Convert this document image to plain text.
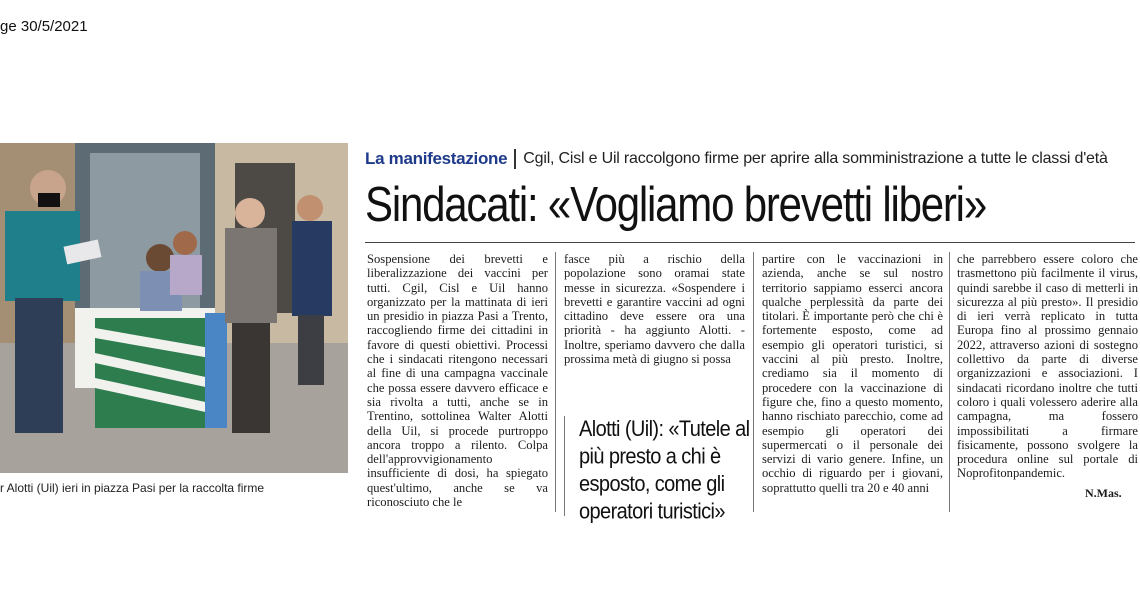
ge 30/5/2021
r Alotti (Uil) ieri in piazza Pasi per la raccolta firme
La manifestazione Cgil, Cisl e Uil raccolgono firme per aprire alla somministrazione a tutte le classi d'età
Sindacati: «Vogliamo brevetti liberi»
Sospensione dei brevetti e liberalizzazione dei vaccini per tutti. Cgil, Cisl e Uil hanno organizzato per la mattinata di ieri un presidio in piazza Pasi a Trento, raccogliendo firme dei cittadini in favore di questi obiettivi. Processi che i sindacati ritengono necessari al fine di una campagna vaccinale che possa essere davvero efficace e sia rivolta a tutti, anche se in Trentino, sottolinea Walter Alotti della Uil, si procede purtroppo ancora troppo a rilento. Colpa dell'approvvigionamento insufficiente di dosi, ha spiegato quest'ultimo, anche se va riconosciuto che le
fasce più a rischio della popolazione sono oramai state messe in sicurezza. «Sospendere i brevetti e garantire vaccini ad ogni cittadino deve essere ora una priorità - ha aggiunto Alotti. - Inoltre, speriamo davvero che dalla prossima metà di giugno si possa
partire con le vaccinazioni in azienda, anche se sul nostro territorio sappiamo esserci ancora qualche perplessità da parte dei titolari. È importante però che chi è fortemente esposto, come ad esempio gli operatori turistici, si vaccini al più presto. Inoltre, crediamo sia il momento di procedere con la vaccinazione di figure che, fino a questo momento, hanno rischiato parecchio, come ad esempio gli operatori dei supermercati o il personale dei servizi di vario genere. Infine, un occhio di riguardo per i giovani, soprattutto quelli tra 20 e 40 anni
che parrebbero essere coloro che trasmettono più facilmente il virus, quindi sarebbe il caso di metterli in sicurezza al più presto». Il presidio di ieri verrà replicato in tutta Europa fino al prossimo gennaio 2022, attraverso azioni di sostegno collettivo da parte di diverse organizzazioni e associazioni. I sindacati ricordano inoltre che tutti coloro i quali volessero aderire alla campagna, ma fossero impossibilitati a firmare fisicamente, possono svolgere la procedura online sul portale di Noprofitonpandemic.
Alotti (Uil): «Tutele al più presto a chi è esposto, come gli operatori turistici»
N.Mas.
